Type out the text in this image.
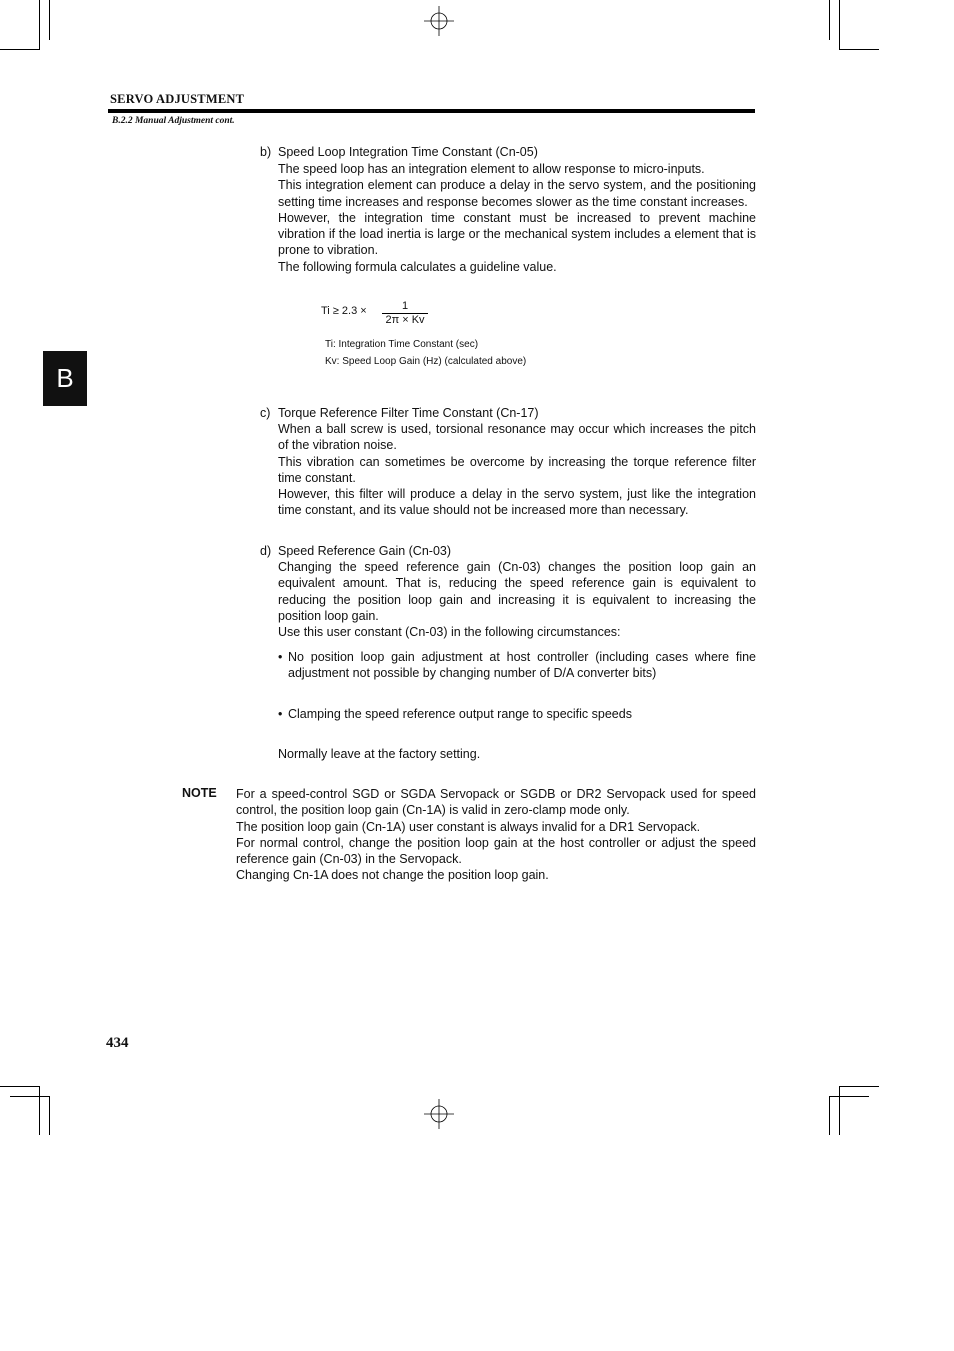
SERVO ADJUSTMENT
B.2.2 Manual Adjustment cont.
B
b) Speed Loop Integration Time Constant (Cn-05)

The speed loop has an integration element to allow response to micro-inputs.

This integration element can produce a delay in the servo system, and the positioning setting time increases and response becomes slower as the time constant increases.

However, the integration time constant must be increased to prevent machine vibration if the load inertia is large or the mechanical system includes a element that is prone to vibration.

The following formula calculates a guideline value.

Ti ≥ 2.3 ×	1
2π × Kv
Ti: Integration Time Constant (sec)
Kv: Speed Loop Gain (Hz) (calculated above)
c) Torque Reference Filter Time Constant (Cn-17)

When a ball screw is used, torsional resonance may occur which increases the pitch of the vibration noise.

This vibration can sometimes be overcome by increasing the torque reference filter time constant.

However, this filter will produce a delay in the servo system, just like the integration time constant, and its value should not be increased more than necessary.

d) Speed Reference Gain (Cn-03)

Changing the speed reference gain (Cn-03) changes the position loop gain an equivalent amount. That is, reducing the speed reference gain is equivalent to reducing the position loop gain and increasing it is equivalent to increasing the position loop gain.

Use this user constant (Cn-03) in the following circumstances:

• No position loop gain adjustment at host controller (including cases where fine adjustment not possible by changing number of D/A converter bits)
• Clamping the speed reference output range to specific speeds
Normally leave at the factory setting.
NOTE For a speed-control SGD or SGDA Servopack or SGDB or DR2 Servopack used for speed control, the position loop gain (Cn-1A) is valid in zero-clamp mode only.

The position loop gain (Cn-1A) user constant is always invalid for a DR1 Servopack.

For normal control, change the position loop gain at the host controller or adjust the speed reference gain (Cn-03) in the Servopack.

Changing Cn-1A does not change the position loop gain.

434
